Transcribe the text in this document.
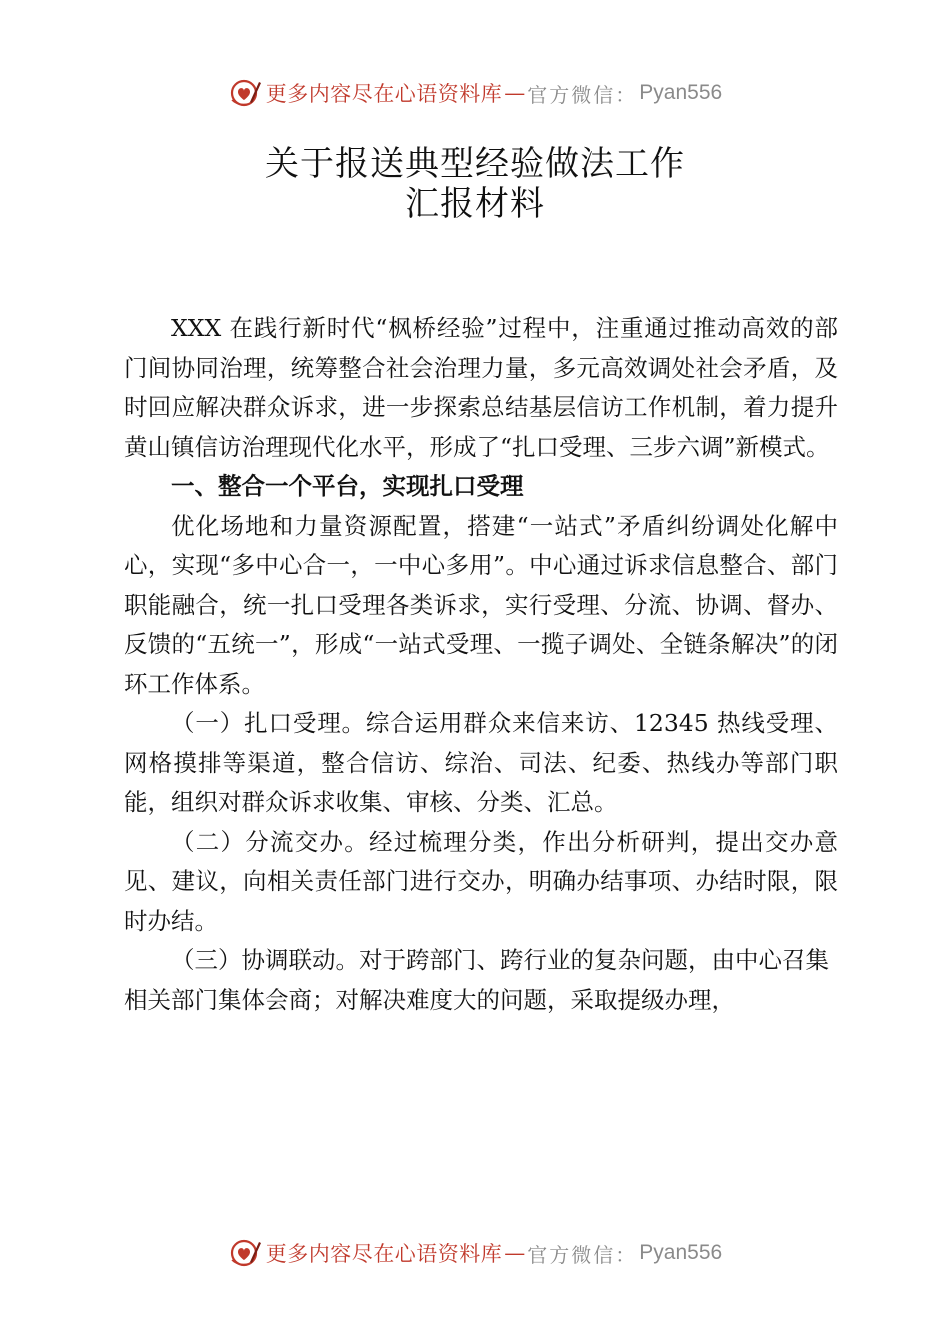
更多内容尽在心语资料库 — 官方微信： Pyan556
关于报送典型经验做法工作
汇报材料

XXX 在践行新时代“枫桥经验”过程中，注重通过推动高效的部门间协同治理，统筹整合社会治理力量，多元高效调处社会矛盾，及时回应解决群众诉求，进一步探索总结基层信访工作机制，着力提升黄山镇信访治理现代化水平，形成了“扎口受理、三步六调”新模式。

一、整合一个平台，实现扎口受理

优化场地和力量资源配置，搭建“一站式”矛盾纠纷调处化解中心，实现“多中心合一，一中心多用”。中心通过诉求信息整合、部门职能融合，统一扎口受理各类诉求，实行受理、分流、协调、督办、反馈的“五统一”，形成“一站式受理、一揽子调处、全链条解决”的闭环工作体系。

（一）扎口受理。综合运用群众来信来访、12345 热线受理、网格摸排等渠道，整合信访、综治、司法、纪委、热线办等部门职能，组织对群众诉求收集、审核、分类、汇总。

（二）分流交办。经过梳理分类，作出分析研判，提出交办意见、建议，向相关责任部门进行交办，明确办结事项、办结时限，限时办结。

（三）协调联动。对于跨部门、跨行业的复杂问题，由中心召集相关部门集体会商；对解决难度大的问题，采取提级办理，

更多内容尽在心语资料库 — 官方微信： Pyan556
